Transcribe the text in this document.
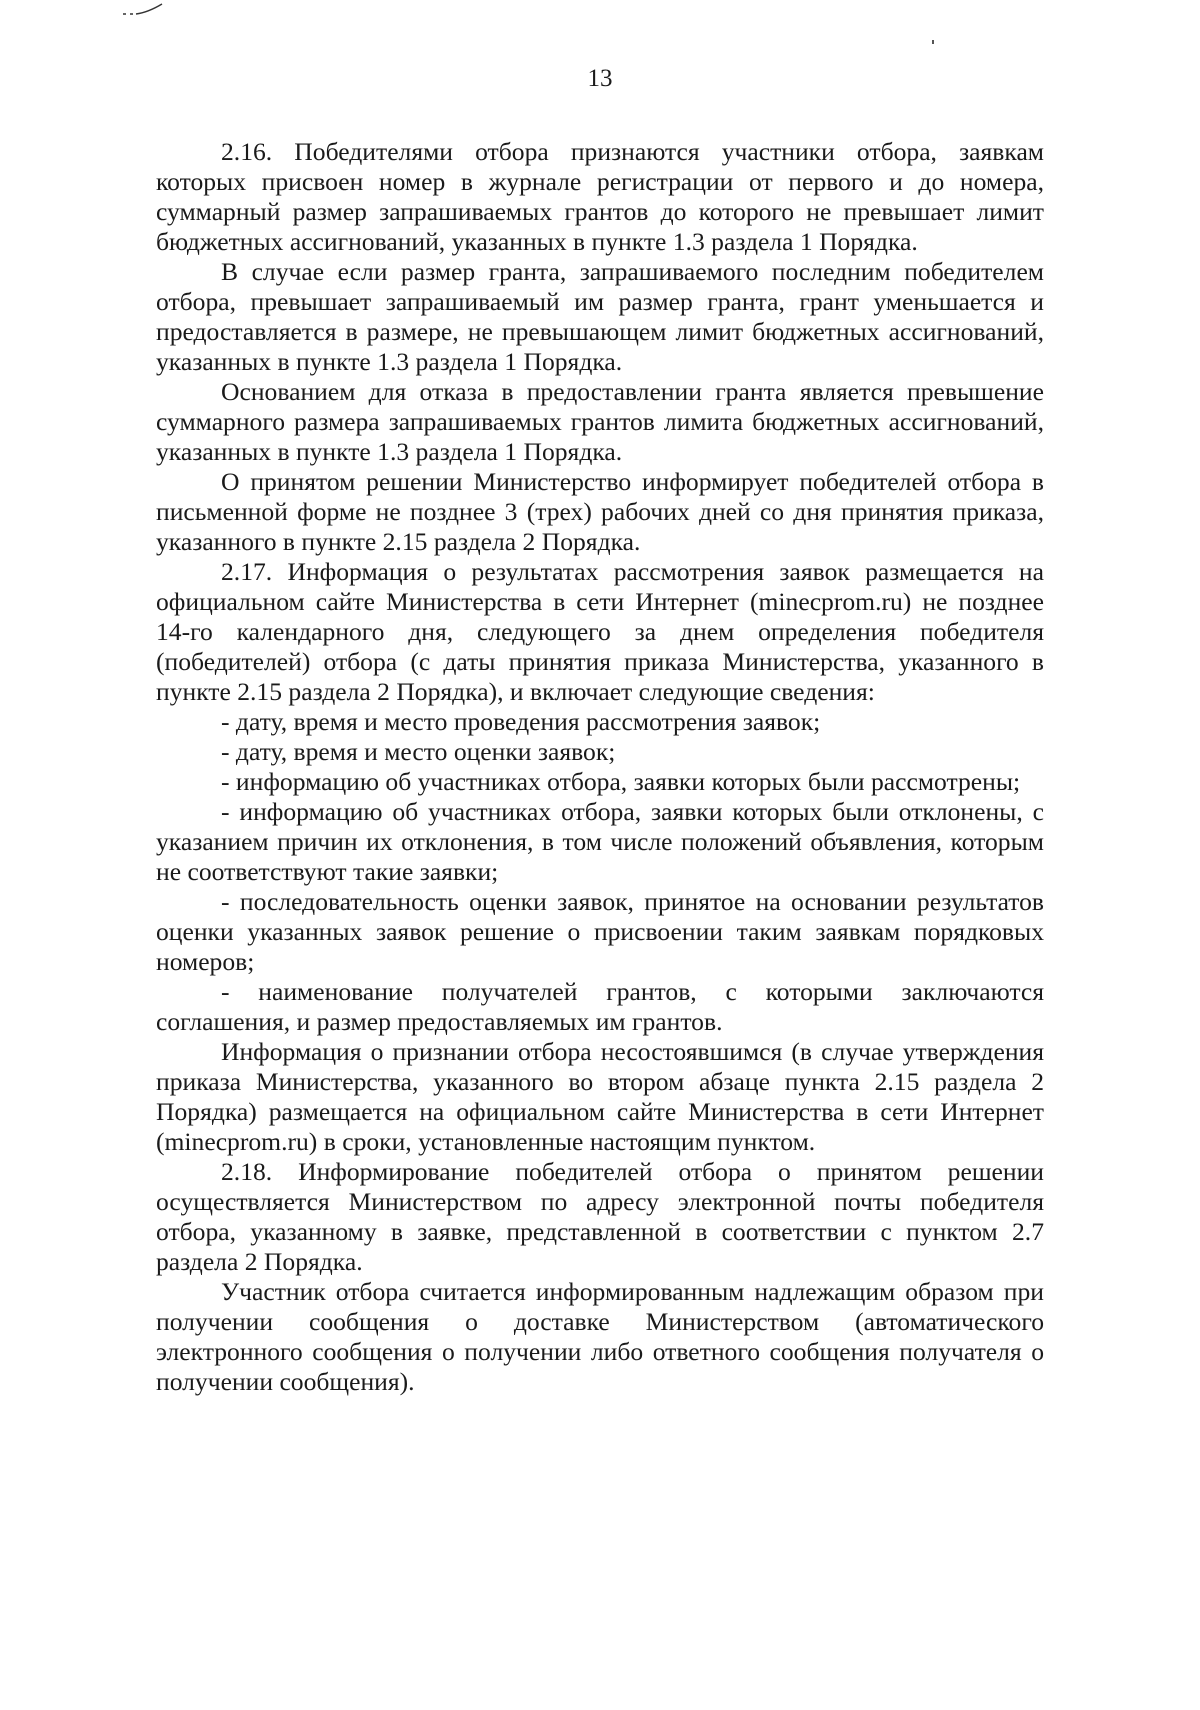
13

2.16. Победителями отбора признаются участники отбора, заявкам которых присвоен номер в журнале регистрации от первого и до номера, суммарный размер запрашиваемых грантов до которого не превышает лимит бюджетных ассигнований, указанных в пункте 1.3 раздела 1 Порядка.

В случае если размер гранта, запрашиваемого последним победителем отбора, превышает запрашиваемый им размер гранта, грант уменьшается и предоставляется в размере, не превышающем лимит бюджетных ассигнований, указанных в пункте 1.3 раздела 1 Порядка.

Основанием для отказа в предоставлении гранта является превышение суммарного размера запрашиваемых грантов лимита бюджетных ассигнований, указанных в пункте 1.3 раздела 1 Порядка.

О принятом решении Министерство информирует победителей отбора в письменной форме не позднее 3 (трех) рабочих дней со дня принятия приказа, указанного в пункте 2.15 раздела 2 Порядка.

2.17. Информация о результатах рассмотрения заявок размещается на официальном сайте Министерства в сети Интернет (minecprom.ru) не позднее 14-го календарного дня, следующего за днем определения победителя (победителей) отбора (с даты принятия приказа Министерства, указанного в пункте 2.15 раздела 2 Порядка), и включает следующие сведения:

- дату, время и место проведения рассмотрения заявок;

- дату, время и место оценки заявок;

- информацию об участниках отбора, заявки которых были рассмотрены;

- информацию об участниках отбора, заявки которых были отклонены, с указанием причин их отклонения, в том числе положений объявления, которым не соответствуют такие заявки;

- последовательность оценки заявок, принятое на основании результатов оценки указанных заявок решение о присвоении таким заявкам порядковых номеров;

- наименование получателей грантов, с которыми заключаются соглашения, и размер предоставляемых им грантов.

Информация о признании отбора несостоявшимся (в случае утверждения приказа Министерства, указанного во втором абзаце пункта 2.15 раздела 2 Порядка) размещается на официальном сайте Министерства в сети Интернет (minecprom.ru) в сроки, установленные настоящим пунктом.

2.18. Информирование победителей отбора о принятом решении осуществляется Министерством по адресу электронной почты победителя отбора, указанному в заявке, представленной в соответствии с пунктом 2.7 раздела 2 Порядка.

Участник отбора считается информированным надлежащим образом при получении сообщения о доставке Министерством (автоматического электронного сообщения о получении либо ответного сообщения получателя о получении сообщения).
